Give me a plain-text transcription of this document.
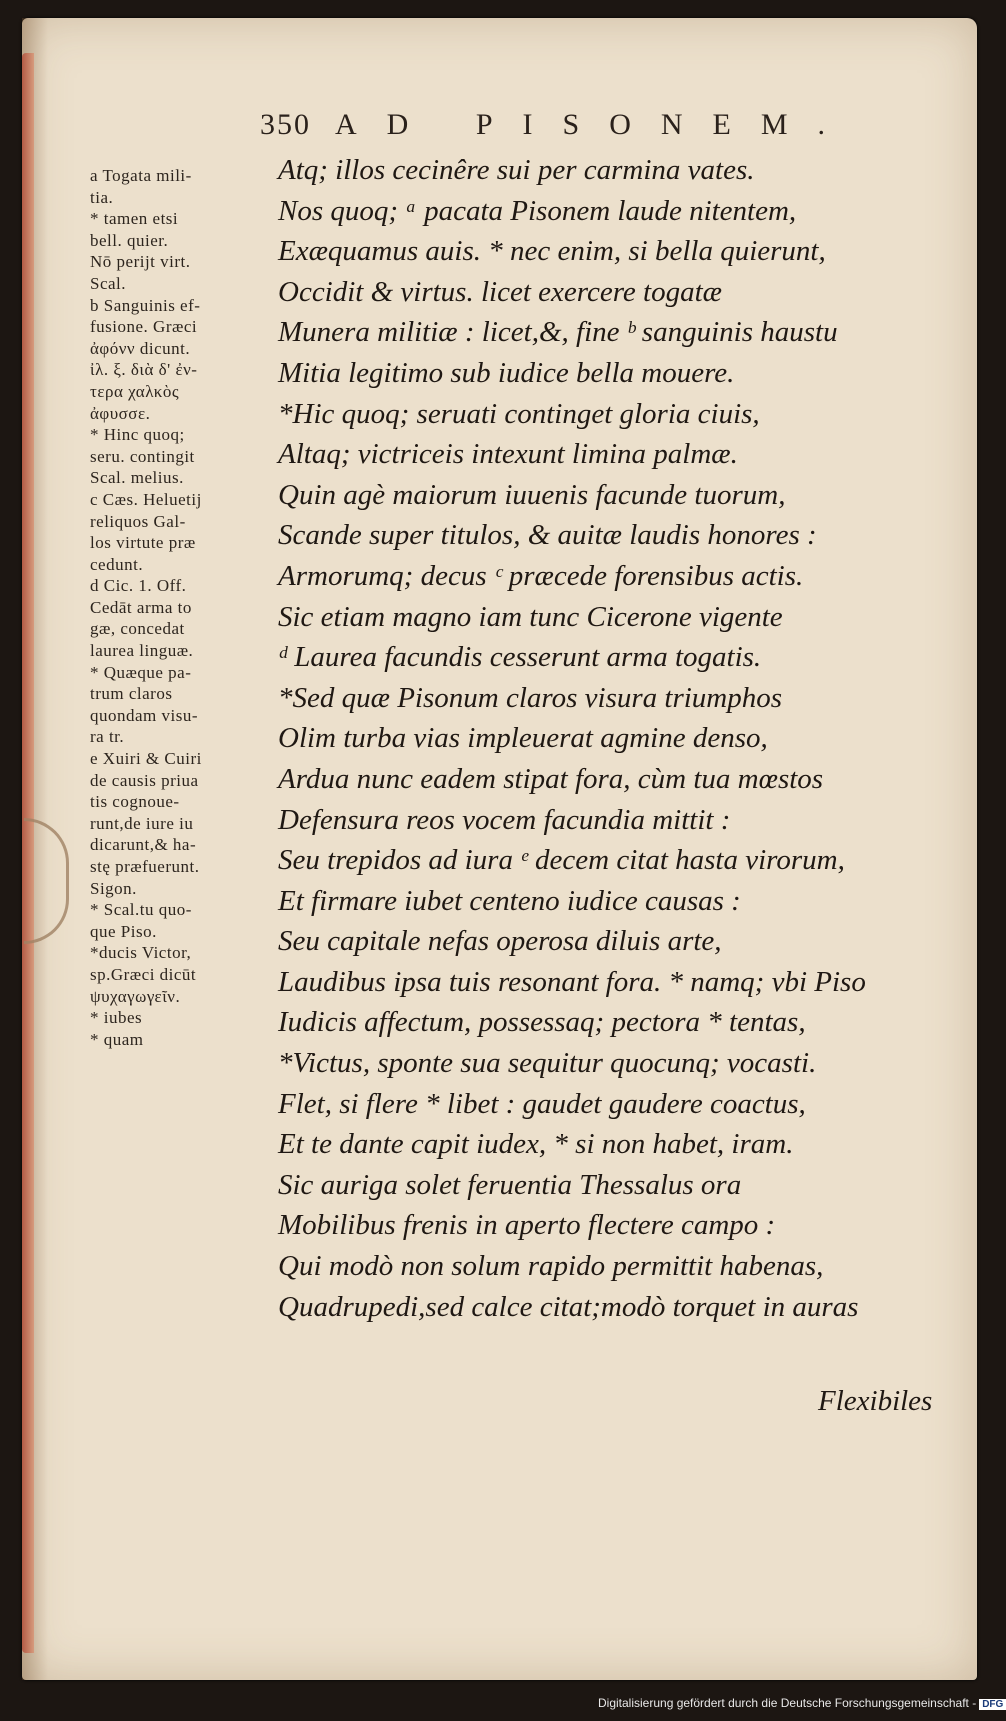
350 AD PISONEM.
a Togata mili-
tia.
* tamen etsi
bell. quier.
Nō perijt virt.
Scal.
b Sanguinis ef-
fusione. Græci
ἀφόνν dicunt.
ἰλ. ξ. διὰ δ' ἐν-
τερα χαλκὸς
ἀφυσσε.
* Hinc quoq;
seru. contingit
Scal. melius.
c Cæs. Heluetij
reliquos Gal-
los virtute præ
cedunt.
d Cic. 1. Off.
Cedāt arma to
gæ, concedat
laurea linguæ.
* Quæque pa-
trum claros
quondam visu-
ra tr.
e Xuiri & Cuiri
de causis priua
tis cognoue-
runt,de iure iu
dicarunt,& ha-
stę præfuerunt.
Sigon.
* Scal.tu quo-
que Piso.
*ducis Victor,
sp.Græci dicūt
ψυχαγωγεῖν.
* iubes
* quam
Atq; illos cecinêre sui per carmina vates.
Nos quoq; ᵃ pacata Pisonem laude nitentem,
Exæquamus auis. * nec enim, si bella quierunt,
Occidit & virtus. licet exercere togatæ
Munera militiæ : licet,&, fine ᵇ sanguinis haustu
Mitia legitimo sub iudice bella mouere.
*Hic quoq; seruati continget gloria ciuis,
Altaq; victriceis intexunt limina palmæ.
Quin agè maiorum iuuenis facunde tuorum,
Scande super titulos, & auitæ laudis honores :
Armorumq; decus ᶜ præcede forensibus actis.
Sic etiam magno iam tunc Cicerone vigente
ᵈ Laurea facundis cesserunt arma togatis.
*Sed quæ Pisonum claros visura triumphos
Olim turba vias impleuerat agmine denso,
Ardua nunc eadem stipat fora, cùm tua mœstos
Defensura reos vocem facundia mittit :
Seu trepidos ad iura ᵉ decem citat hasta virorum,
Et firmare iubet centeno iudice causas :
Seu capitale nefas operosa diluis arte,
Laudibus ipsa tuis resonant fora. * namq; vbi Piso
Iudicis affectum, possessaq; pectora * tentas,
*Victus, sponte sua sequitur quocunq; vocasti.
Flet, si flere * libet : gaudet gaudere coactus,
Et te dante capit iudex, * si non habet, iram.
Sic auriga solet feruentia Thessalus ora
Mobilibus frenis in aperto flectere campo :
Qui modò non solum rapido permittit habenas,
Quadrupedi,sed calce citat;modò torquet in auras
Flexibiles
Digitalisierung gefördert durch die Deutsche Forschungsgemeinschaft - DFG
